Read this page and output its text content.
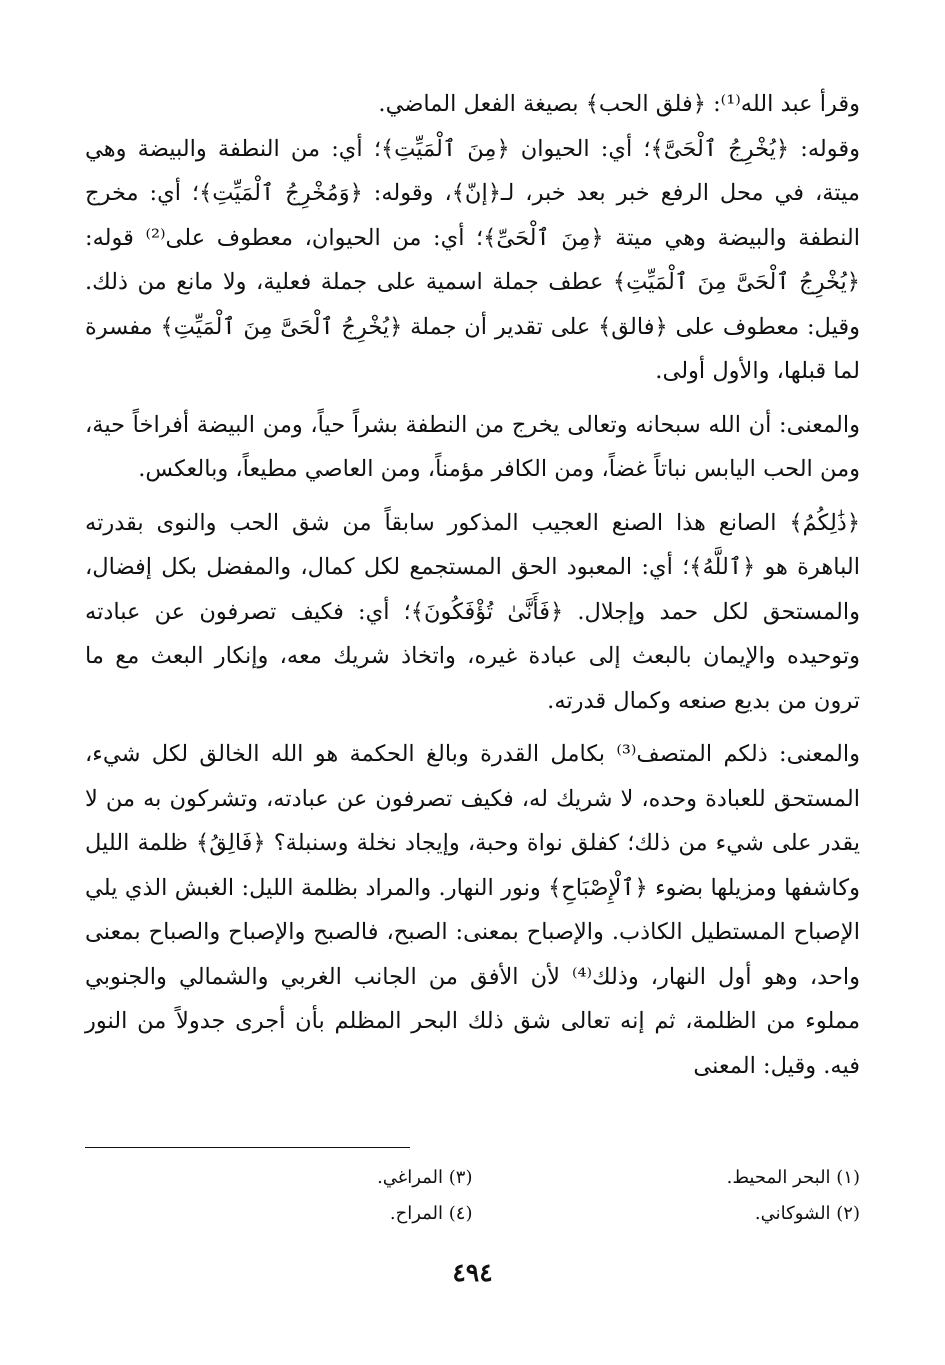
وقرأ عبد الله⁽¹⁾: ﴿فلق الحب﴾ بصيغة الفعل الماضي.

وقوله: ﴿يُخْرِجُ ٱلْحَىَّ﴾؛ أي: الحيوان ﴿مِنَ ٱلْمَيِّتِ﴾؛ أي: من النطفة والبيضة وهي ميتة، في محل الرفع خبر بعد خبر، لـ﴿إنّ﴾، وقوله: ﴿وَمُخْرِجُ ٱلْمَيِّتِ﴾؛ أي: مخرج النطفة والبيضة وهي ميتة ﴿مِنَ ٱلْحَىِّ﴾؛ أي: من الحيوان، معطوف على⁽²⁾ قوله: ﴿يُخْرِجُ ٱلْحَىَّ مِنَ ٱلْمَيِّتِ﴾ عطف جملة اسمية على جملة فعلية، ولا مانع من ذلك. وقيل: معطوف على ﴿فالق﴾ على تقدير أن جملة ﴿يُخْرِجُ ٱلْحَىَّ مِنَ ٱلْمَيِّتِ﴾ مفسرة لما قبلها، والأول أولى.

والمعنى: أن الله سبحانه وتعالى يخرج من النطفة بشراً حياً، ومن البيضة أفراخاً حية، ومن الحب اليابس نباتاً غضاً، ومن الكافر مؤمناً، ومن العاصي مطيعاً، وبالعكس.

﴿ذَٰلِكُمُ﴾ الصانع هذا الصنع العجيب المذكور سابقاً من شق الحب والنوى بقدرته الباهرة هو ﴿ٱللَّهُ﴾؛ أي: المعبود الحق المستجمع لكل كمال، والمفضل بكل إفضال، والمستحق لكل حمد وإجلال. ﴿فَأَنَّىٰ تُؤْفَكُونَ﴾؛ أي: فكيف تصرفون عن عبادته وتوحيده والإيمان بالبعث إلى عبادة غيره، واتخاذ شريك معه، وإنكار البعث مع ما ترون من بديع صنعه وكمال قدرته.

والمعنى: ذلكم المتصف⁽³⁾ بكامل القدرة وبالغ الحكمة هو الله الخالق لكل شيء، المستحق للعبادة وحده، لا شريك له، فكيف تصرفون عن عبادته، وتشركون به من لا يقدر على شيء من ذلك؛ كفلق نواة وحبة، وإيجاد نخلة وسنبلة؟ ﴿فَالِقُ﴾ ظلمة الليل وكاشفها ومزيلها بضوء ﴿ٱلْإِصْبَاحِ﴾ ونور النهار. والمراد بظلمة الليل: الغبش الذي يلي الإصباح المستطيل الكاذب. والإصباح بمعنى: الصبح، فالصبح والإصباح والصباح بمعنى واحد، وهو أول النهار، وذلك⁽⁴⁾ لأن الأفق من الجانب الغربي والشمالي والجنوبي مملوء من الظلمة، ثم إنه تعالى شق ذلك البحر المظلم بأن أجرى جدولاً من النور فيه. وقيل: المعنى

(١) البحر المحيط.
(٣) المراغي.
(٢) الشوكاني.
(٤) المراح.
٤٩٤
